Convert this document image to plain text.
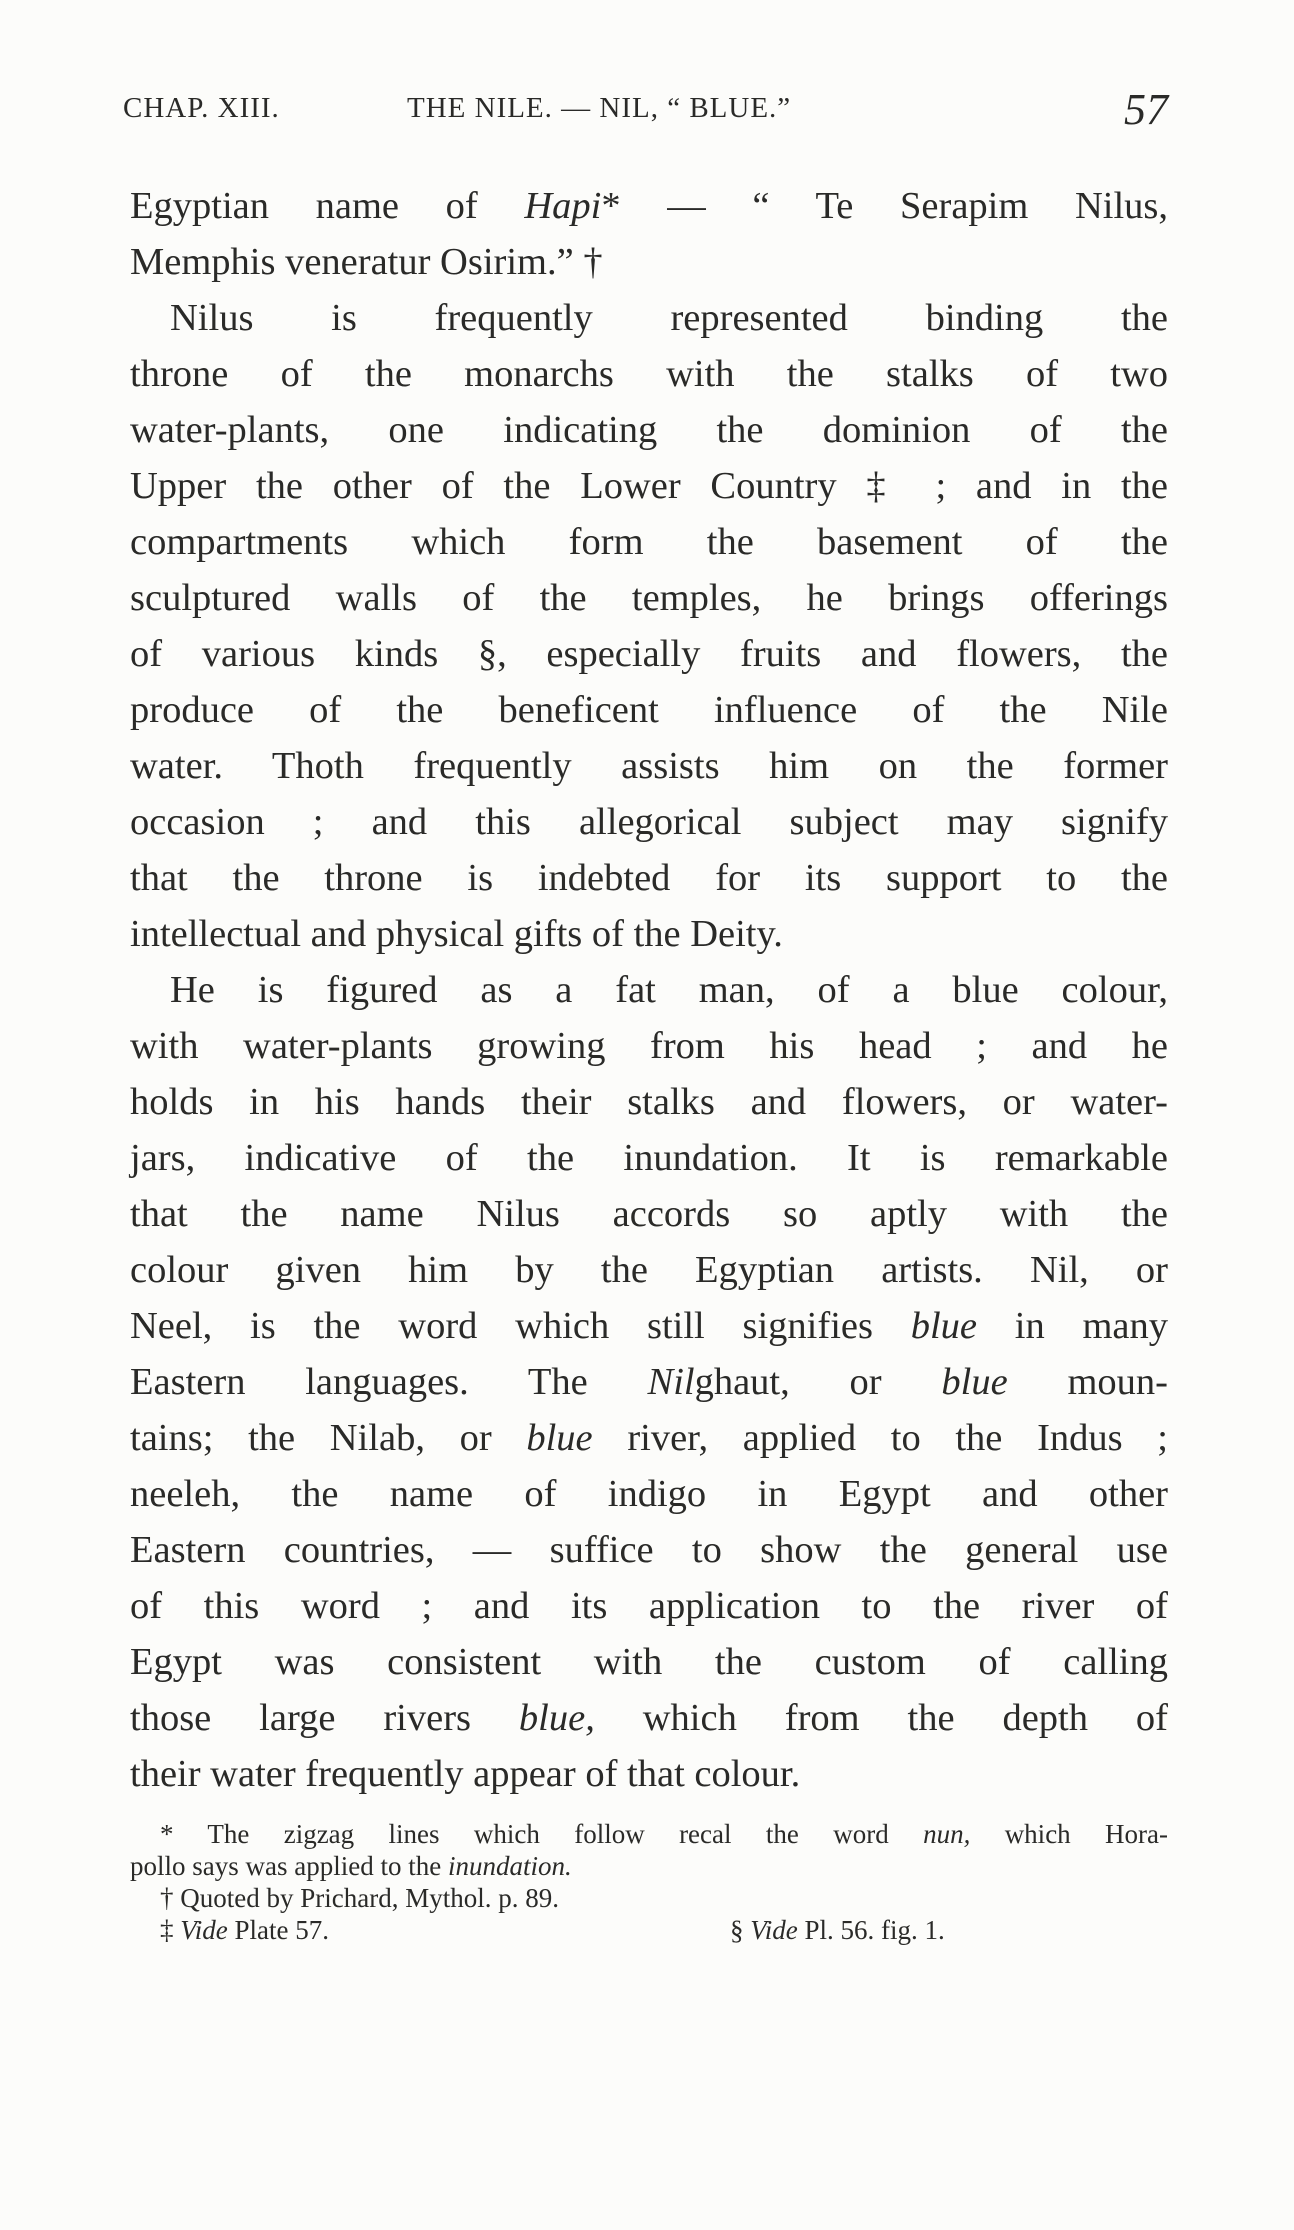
CHAP. XIII.	THE NILE. — NIL, “ BLUE.”	57
Egyptian name of Hapi* — “ Te Serapim Nilus,
Memphis veneratur Osirim.” †
Nilus is frequently represented binding the
throne of the monarchs with the stalks of two
water-plants, one indicating the dominion of the
Upper the other of the Lower Country ‡ ; and in the
compartments which form the basement of the
sculptured walls of the temples, he brings offerings
of various kinds §, especially fruits and flowers, the
produce of the beneficent influence of the Nile
water. Thoth frequently assists him on the former
occasion ; and this allegorical subject may signify
that the throne is indebted for its support to the
intellectual and physical gifts of the Deity.
He is figured as a fat man, of a blue colour,
with water-plants growing from his head ; and he
holds in his hands their stalks and flowers, or water-
jars, indicative of the inundation. It is remarkable
that the name Nilus accords so aptly with the
colour given him by the Egyptian artists. Nil, or
Neel, is the word which still signifies blue in many
Eastern languages. The Nilghaut, or blue moun-
tains; the Nilab, or blue river, applied to the Indus ;
neeleh, the name of indigo in Egypt and other
Eastern countries, — suffice to show the general use
of this word ; and its application to the river of
Egypt was consistent with the custom of calling
those large rivers blue, which from the depth of
their water frequently appear of that colour.
* The zigzag lines which follow recal the word nun, which Hora-
pollo says was applied to the inundation.
† Quoted by Prichard, Mythol. p. 89.
‡ Vide Plate 57.	§ Vide Pl. 56. fig. 1.
